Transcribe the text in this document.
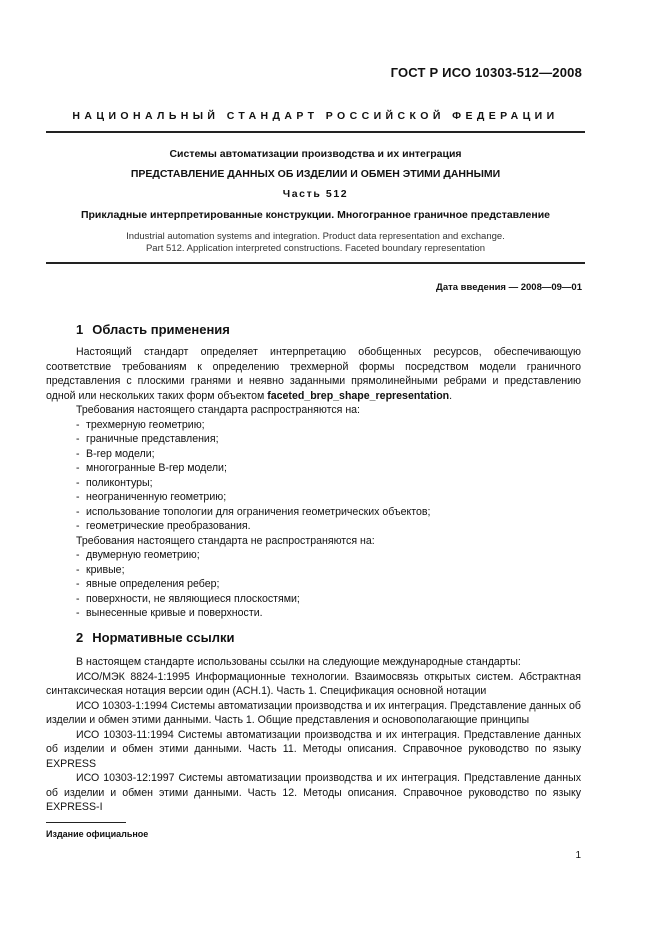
ГОСТ Р ИСО 10303-512—2008
НАЦИОНАЛЬНЫЙ СТАНДАРТ РОССИЙСКОЙ ФЕДЕРАЦИИ
Системы автоматизации производства и их интеграция
ПРЕДСТАВЛЕНИЕ ДАННЫХ ОБ ИЗДЕЛИИ И ОБМЕН ЭТИМИ ДАННЫМИ
Часть 512
Прикладные интерпретированные конструкции. Многогранное граничное представление
Industrial automation systems and integration. Product data representation and exchange.
Part 512. Application interpreted constructions. Faceted boundary representation
Дата введения — 2008—09—01
1 Область применения

Настоящий стандарт определяет интерпретацию обобщенных ресурсов, обеспечивающую соответствие требованиям к определению трехмерной формы посредством модели граничного представления с плоскими гранями и неявно заданными прямолинейными ребрами и представлению одной или нескольких таких форм объектом faceted_brep_shape_representation.

Требования настоящего стандарта распространяются на:

- трехмерную геометрию;
- граничные представления;
- B-rep модели;
- многогранные B-rep модели;
- поликонтуры;
- неограниченную геометрию;
- использование топологии для ограничения геометрических объектов;
- геометрические преобразования.

Требования настоящего стандарта не распространяются на:

- двумерную геометрию;
- кривые;
- явные определения ребер;
- поверхности, не являющиеся плоскостями;
- вынесенные кривые и поверхности.
2 Нормативные ссылки

В настоящем стандарте использованы ссылки на следующие международные стандарты:

ИСО/МЭК 8824-1:1995 Информационные технологии. Взаимосвязь открытых систем. Абстрактная синтаксическая нотация версии один (АСН.1). Часть 1. Спецификация основной нотации

ИСО 10303-1:1994 Системы автоматизации производства и их интеграция. Представление данных об изделии и обмен этими данными. Часть 1. Общие представления и основополагающие принципы

ИСО 10303-11:1994 Системы автоматизации производства и их интеграция. Представление данных об изделии и обмен этими данными. Часть 11. Методы описания. Справочное руководство по языку EXPRESS

ИСО 10303-12:1997 Системы автоматизации производства и их интеграция. Представление данных об изделии и обмен этими данными. Часть 12. Методы описания. Справочное руководство по языку EXPRESS-I

Издание официальное
1
